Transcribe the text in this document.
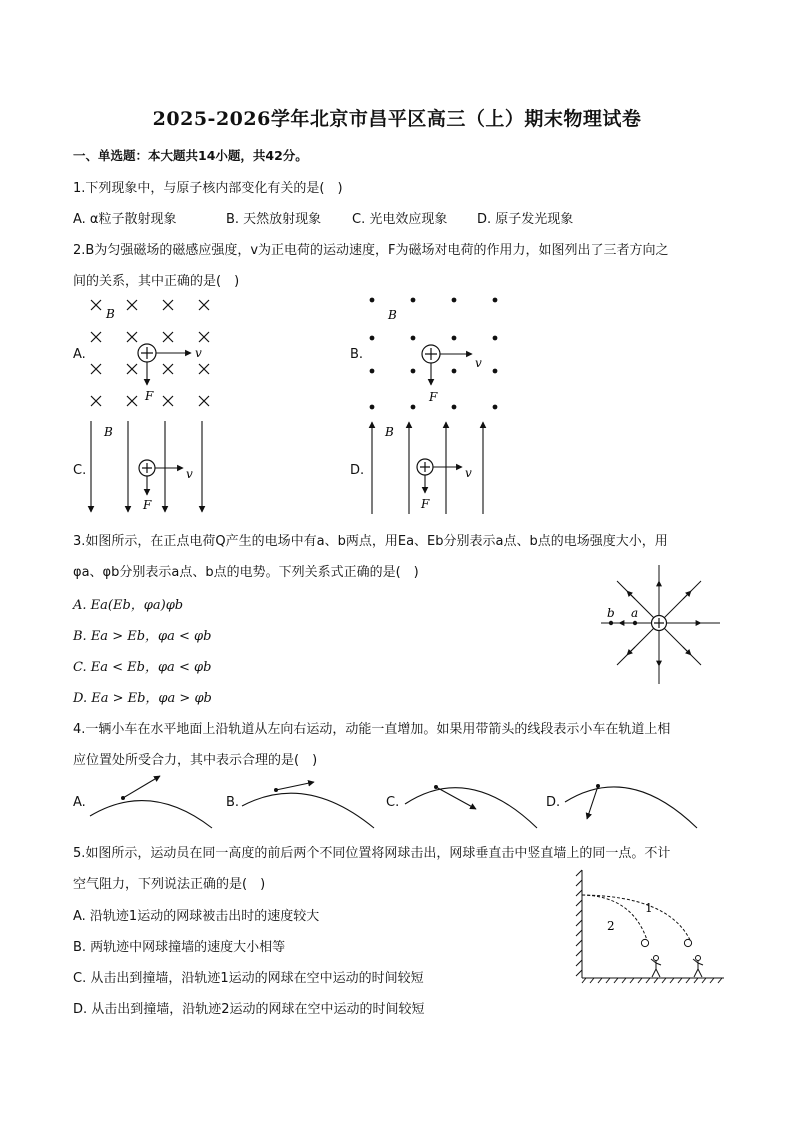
2025-2026学年北京市昌平区高三（上）期末物理试卷
一、单选题：本大题共14小题，共42分。
1.下列现象中，与原子核内部变化有关的是(　)
A. α粒子散射现象	B. 天然放射现象 C. 光电效应现象 D. 原子发光现象
2.B为匀强磁场的磁感应强度，v为正电荷的运动速度，F为磁场对电荷的作用力，如图列出了三者方向之
间的关系，其中正确的是(　)
A.	B.
C.	D.
B
v
F
B
v
F
B
v
F
B
v
F
3.如图所示，在正点电荷Q产生的电场中有a、b两点，用Ea、Eb分别表示a点、b点的电场强度大小，用
φa、φb分别表示a点、b点的电势。下列关系式正确的是(　)
A. Ea(Eb，φa)φb
B. Ea > Eb，φa < φb
C. Ea < Eb，φa < φb
D. Ea > Eb，φa > φb
b a
4.一辆小车在水平地面上沿轨道从左向右运动，动能一直增加。如果用带箭头的线段表示小车在轨道上相
应位置处所受合力，其中表示合理的是(　)
A.	B.	C.	D.
5.如图所示，运动员在同一高度的前后两个不同位置将网球击出，网球垂直击中竖直墙上的同一点。不计
空气阻力，下列说法正确的是(　)
A. 沿轨迹1运动的网球被击出时的速度较大
B. 两轨迹中网球撞墙的速度大小相等
C. 从击出到撞墙，沿轨迹1运动的网球在空中运动的时间较短
D. 从击出到撞墙，沿轨迹2运动的网球在空中运动的时间较短
1
2
